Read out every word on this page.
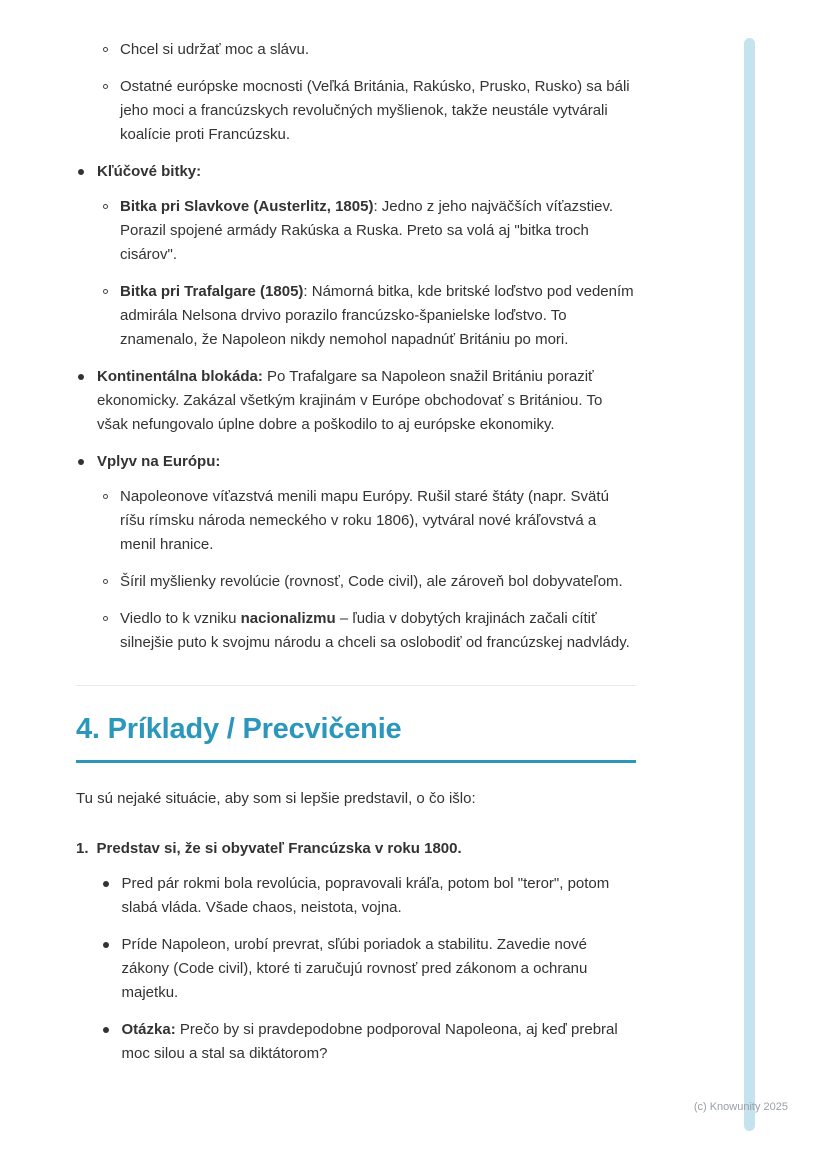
Chcel si udržať moc a slávu.
Ostatné európske mocnosti (Veľká Británia, Rakúsko, Prusko, Rusko) sa báli jeho moci a francúzskych revolučných myšlienok, takže neustále vytvárali koalície proti Francúzsku.
Kľúčové bitky:
Bitka pri Slavkove (Austerlitz, 1805): Jedno z jeho najväčších víťazstiev. Porazil spojené armády Rakúska a Ruska. Preto sa volá aj "bitka troch cisárov".
Bitka pri Trafalgare (1805): Námorná bitka, kde britské loďstvo pod vedením admirála Nelsona drvivo porazilo francúzsko-španielske loďstvo. To znamenalo, že Napoleon nikdy nemohol napadnúť Britániu po mori.
Kontinentálna blokáda: Po Trafalgare sa Napoleon snažil Britániu poraziť ekonomicky. Zakázal všetkým krajinám v Európe obchodovať s Britániou. To však nefungovalo úplne dobre a poškodilo to aj európske ekonomiky.
Vplyv na Európu:
Napoleonove víťazstvá menili mapu Európy. Rušil staré štáty (napr. Svätú ríšu rímsku národa nemeckého v roku 1806), vytváral nové kráľovstvá a menil hranice.
Šíril myšlienky revolúcie (rovnosť, Code civil), ale zároveň bol dobyvateľom.
Viedlo to k vzniku nacionalizmu – ľudia v dobytých krajinách začali cítiť silnejšie puto k svojmu národu a chceli sa oslobodiť od francúzskej nadvlády.
4. Príklady / Precvičenie

Tu sú nejaké situácie, aby som si lepšie predstavil, o čo išlo:

1. Predstav si, že si obyvateľ Francúzska v roku 1800.
Pred pár rokmi bola revolúcia, popravovali kráľa, potom bol "teror", potom slabá vláda. Všade chaos, neistota, vojna.
Príde Napoleon, urobí prevrat, sľúbi poriadok a stabilitu. Zavedie nové zákony (Code civil), ktoré ti zaručujú rovnosť pred zákonom a ochranu majetku.
Otázka: Prečo by si pravdepodobne podporoval Napoleona, aj keď prebral moc silou a stal sa diktátorom?
(c) Knowunity 2025
